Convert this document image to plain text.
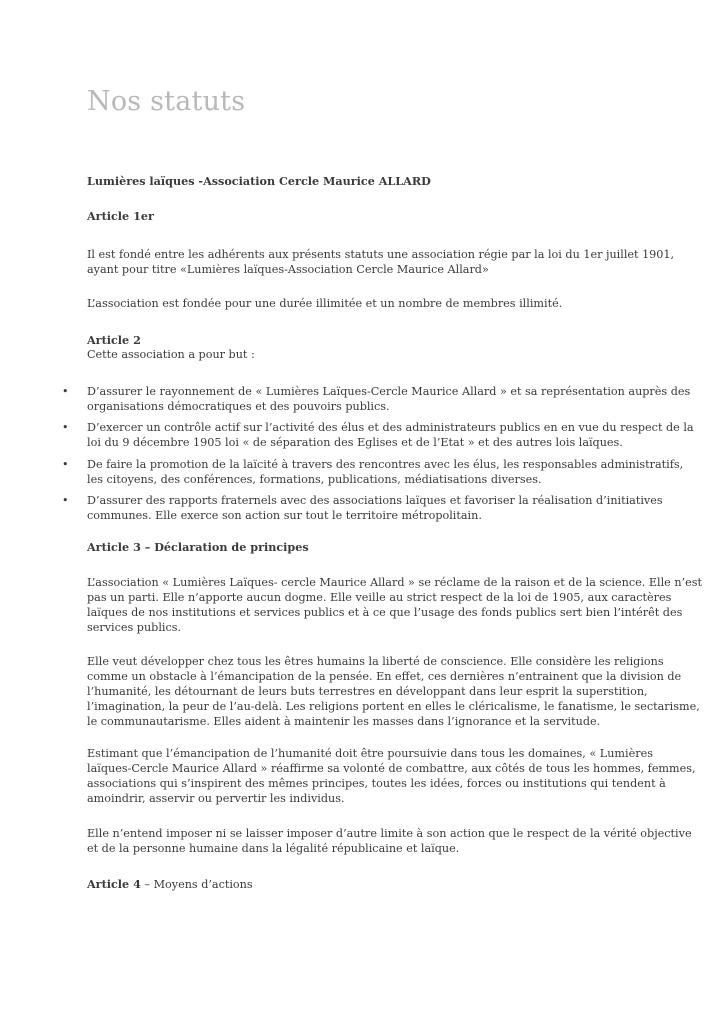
Nos statuts
Lumières laïques -Association Cercle Maurice ALLARD
Article 1er
Il est fondé entre les adhérents aux présents statuts une association régie par la loi du 1er juillet 1901,
ayant pour titre «Lumières laïques-Association Cercle Maurice Allard»
L’association est fondée pour une durée illimitée et un nombre de membres illimité.
Article 2
Cette association a pour but :
• D’assurer le rayonnement de « Lumières Laïques-Cercle Maurice Allard » et sa représentation auprès des
organisations démocratiques et des pouvoirs publics.
• D’exercer un contrôle actif sur l’activité des élus et des administrateurs publics en en vue du respect de la
loi du 9 décembre 1905 loi « de séparation des Eglises et de l’Etat » et des autres lois laïques.
• De faire la promotion de la laïcité à travers des rencontres avec les élus, les responsables administratifs,
les citoyens, des conférences, formations, publications, médiatisations diverses.
• D’assurer des rapports fraternels avec des associations laïques et favoriser la réalisation d’initiatives
communes. Elle exerce son action sur tout le territoire métropolitain.
Article 3 – Déclaration de principes
L’association « Lumières Laïques- cercle Maurice Allard » se réclame de la raison et de la science. Elle n’est
pas un parti. Elle n’apporte aucun dogme. Elle veille au strict respect de la loi de 1905, aux caractères
laïques de nos institutions et services publics et à ce que l’usage des fonds publics sert bien l’intérêt des
services publics.
Elle veut développer chez tous les êtres humains la liberté de conscience. Elle considère les religions
comme un obstacle à l’émancipation de la pensée. En effet, ces dernières n’entrainent que la division de
l’humanité, les détournant de leurs buts terrestres en développant dans leur esprit la superstition,
l’imagination, la peur de l’au-delà. Les religions portent en elles le cléricalisme, le fanatisme, le sectarisme,
le communautarisme. Elles aident à maintenir les masses dans l’ignorance et la servitude.
Estimant que l’émancipation de l’humanité doit être poursuivie dans tous les domaines, « Lumières
laïques-Cercle Maurice Allard » réaffirme sa volonté de combattre, aux côtés de tous les hommes, femmes,
associations qui s’inspirent des mêmes principes, toutes les idées, forces ou institutions qui tendent à
amoindrir, asservir ou pervertir les individus.
Elle n’entend imposer ni se laisser imposer d’autre limite à son action que le respect de la vérité objective
et de la personne humaine dans la légalité républicaine et laïque.
Article 4 – Moyens d’actions
